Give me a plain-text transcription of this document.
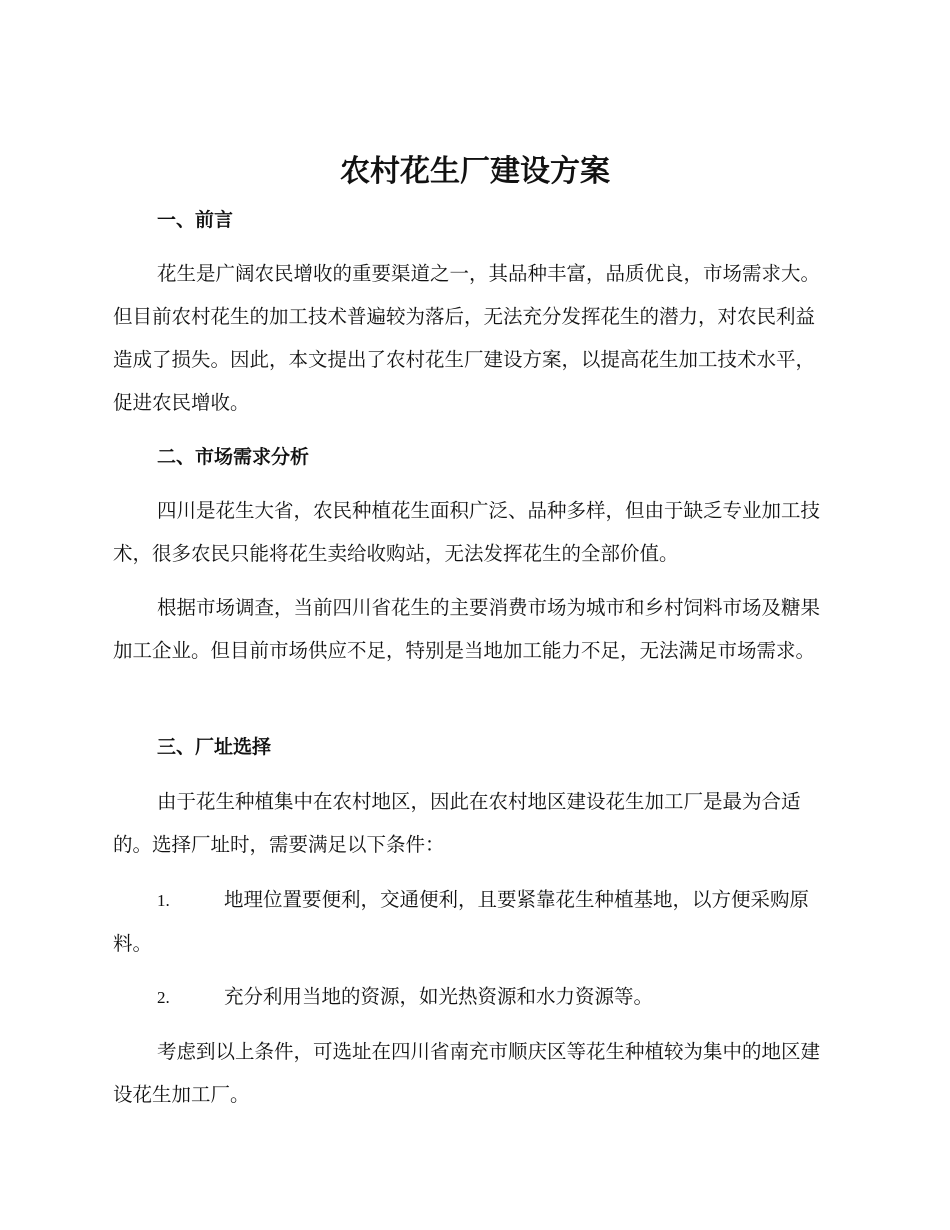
农村花生厂建设方案
一、前言

花生是广阔农民增收的重要渠道之一，其品种丰富，品质优良，市场需求大。但目前农村花生的加工技术普遍较为落后，无法充分发挥花生的潜力，对农民利益造成了损失。因此，本文提出了农村花生厂建设方案，以提高花生加工技术水平，促进农民增收。

二、市场需求分析

四川是花生大省，农民种植花生面积广泛、品种多样，但由于缺乏专业加工技术，很多农民只能将花生卖给收购站，无法发挥花生的全部价值。

根据市场调查，当前四川省花生的主要消费市场为城市和乡村饲料市场及糖果加工企业。但目前市场供应不足，特别是当地加工能力不足，无法满足市场需求。

三、厂址选择

由于花生种植集中在农村地区，因此在农村地区建设花生加工厂是最为合适的。选择厂址时，需要满足以下条件：

1.	地理位置要便利，交通便利，且要紧靠花生种植基地，以方便采购原料。

2.	充分利用当地的资源，如光热资源和水力资源等。

考虑到以上条件，可选址在四川省南充市顺庆区等花生种植较为集中的地区建设花生加工厂。
